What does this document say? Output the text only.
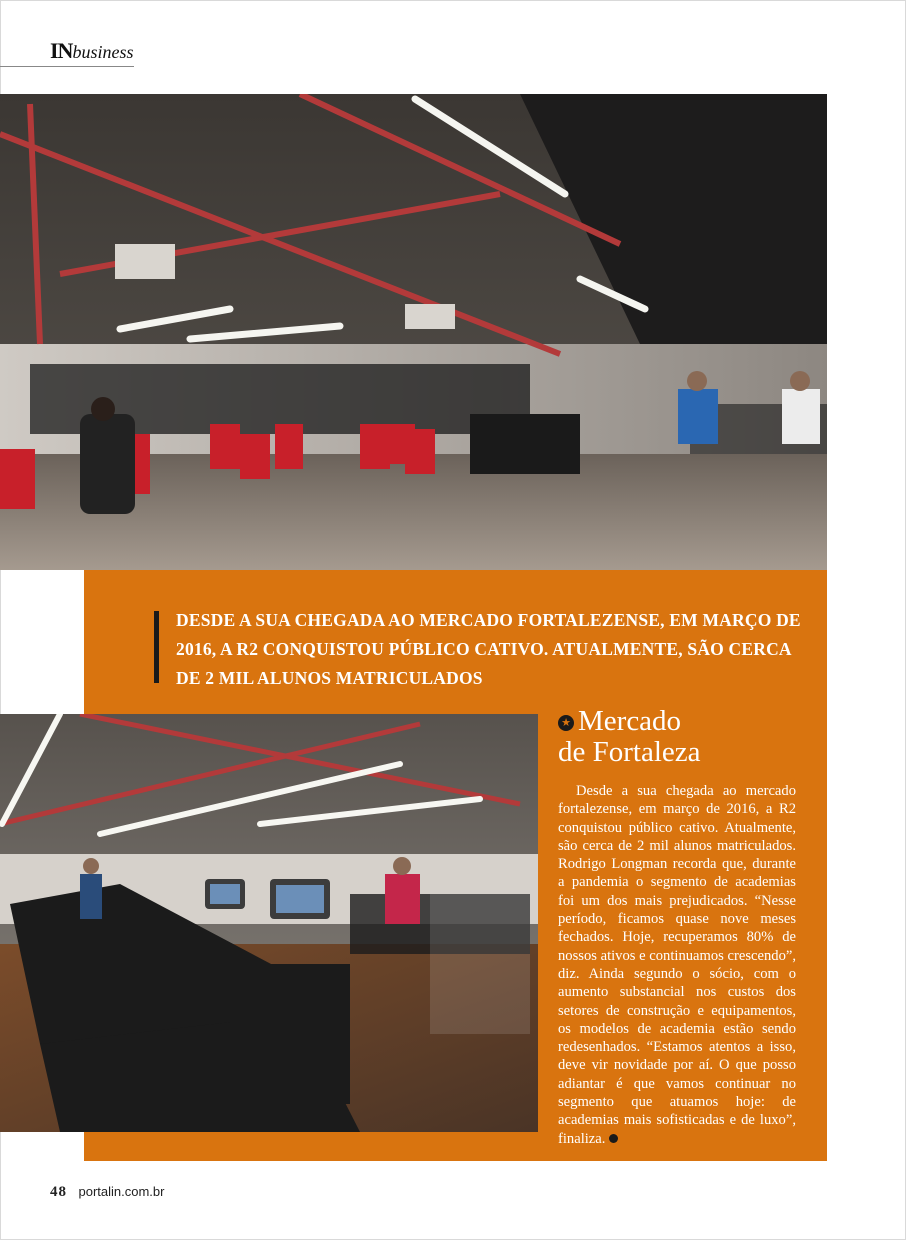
INbusiness
DESDE A SUA CHEGADA AO MERCADO FORTALEZENSE, EM MARÇO DE 2016, A R2 CONQUISTOU PÚBLICO CATIVO. ATUALMENTE, SÃO CERCA DE 2 MIL ALUNOS MATRICULADOS
★ Mercado
de Fortaleza
Desde a sua chegada ao mercado fortalezense, em março de 2016, a R2 conquistou público cativo. Atualmente, são cerca de 2 mil alunos matriculados. Rodrigo Longman recorda que, durante a pandemia o segmento de academias foi um dos mais prejudicados. “Nesse período, ficamos quase nove meses fechados. Hoje, recuperamos 80% de nossos ativos e continuamos crescendo”, diz. Ainda segundo o sócio, com o aumento substancial nos custos dos setores de construção e equipamentos, os modelos de academia estão sendo redesenhados. “Estamos atentos a isso, deve vir novidade por aí. O que posso adiantar é que vamos continuar no segmento que atuamos hoje: de academias mais sofisticadas e de luxo”, finaliza.
48 portalin.com.br
